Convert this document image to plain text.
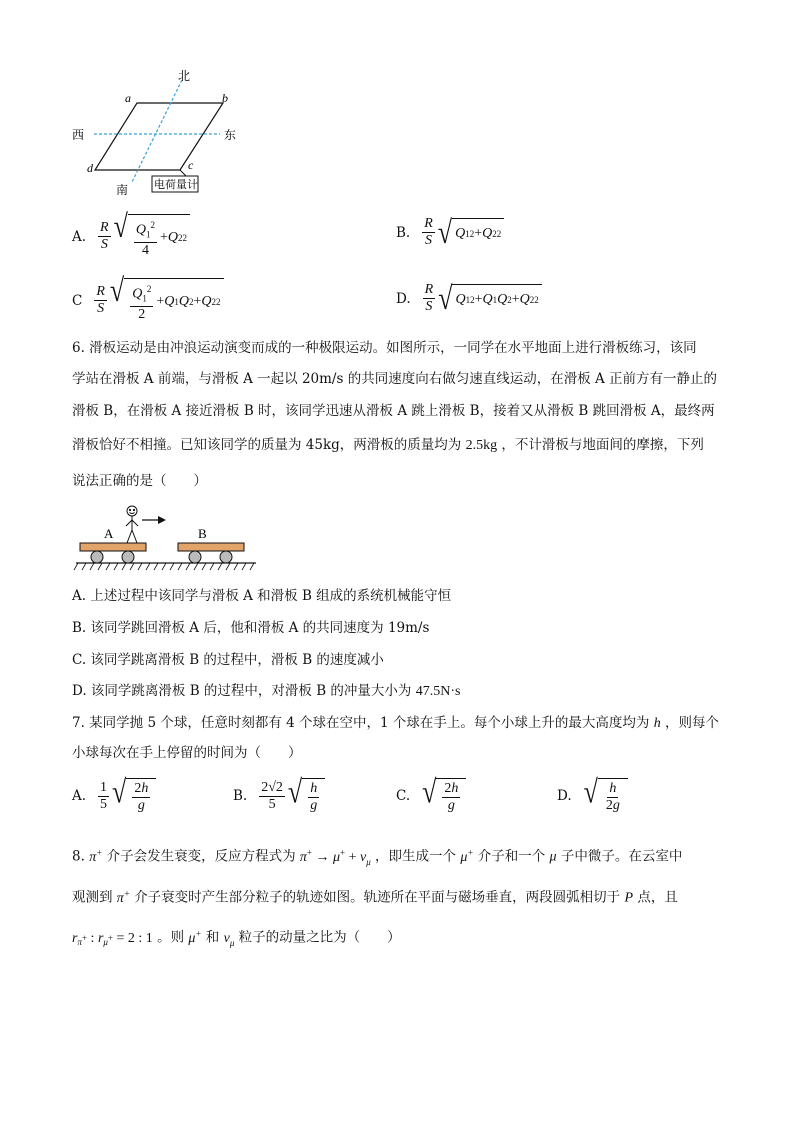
北
南
西	东
a	b
c
d
电荷量计
A. $\frac{R}{S}$ √ $\frac{Q_1^2}{4} + Q$ 2 2	B. $\frac{R}{S}$ √ Q 1 2 + Q 2 2
C $\frac{R}{S}$ √ $\frac{Q_1^2}{2} + Q$ 1 Q 2 + Q 2 2	D. $\frac{R}{S}$ √ Q 1 2 + Q 1 Q 2 + Q 2 2
6. 滑板运动是由冲浪运动演变而成的一种极限运动。如图所示，一同学在水平地面上进行滑板练习，该同
学站在滑板 A 前端，与滑板 A 一起以 20m/s 的共同速度向右做匀速直线运动，在滑板 A 正前方有一静止的
滑板 B，在滑板 A 接近滑板 B 时，该同学迅速从滑板 A 跳上滑板 B，接着又从滑板 B 跳回滑板 A，最终两
滑板恰好不相撞。已知该同学的质量为 45kg，两滑板的质量均为 2.5kg ，不计滑板与地面间的摩擦，下列
说法正确的是（　　）
A	B
A. 上述过程中该同学与滑板 A 和滑板 B 组成的系统机械能守恒
B. 该同学跳回滑板 A 后，他和滑板 A 的共同速度为 19m/s
C. 该同学跳离滑板 B 的过程中，滑板 B 的速度减小
D. 该同学跳离滑板 B 的过程中，对滑板 B 的冲量大小为 47.5N·s
7. 某同学抛 5 个球，任意时刻都有 4 个球在空中，1 个球在手上。每个小球上升的最大高度均为 h ，则每个
小球每次在手上停留的时间为（　　）
A. $\frac{1}{5}$ √ $\frac{2h}{g}$	B. $\frac{2√2}{5}$ √ $\frac{h}{g}$	C. √ $\frac{2h}{g}$	D. √ $\frac{h}{2g}$
8. π+ 介子会发生衰变，反应方程式为 $\pi^+ \to \mu^+ + \nu_\mu$ ，即生成一个 μ+ 介子和一个 μ 子中微子。在云室中
观测到 π+ 介子衰变时产生部分粒子的轨迹如图。轨迹所在平面与磁场垂直，两段圆弧相切于 P 点，且
$r_{\pi^+}$ : $r_{\mu^+} = 2$ : 1 。则 μ+ 和 $\nu_\mu$ 粒子的动量之比为（　　）
